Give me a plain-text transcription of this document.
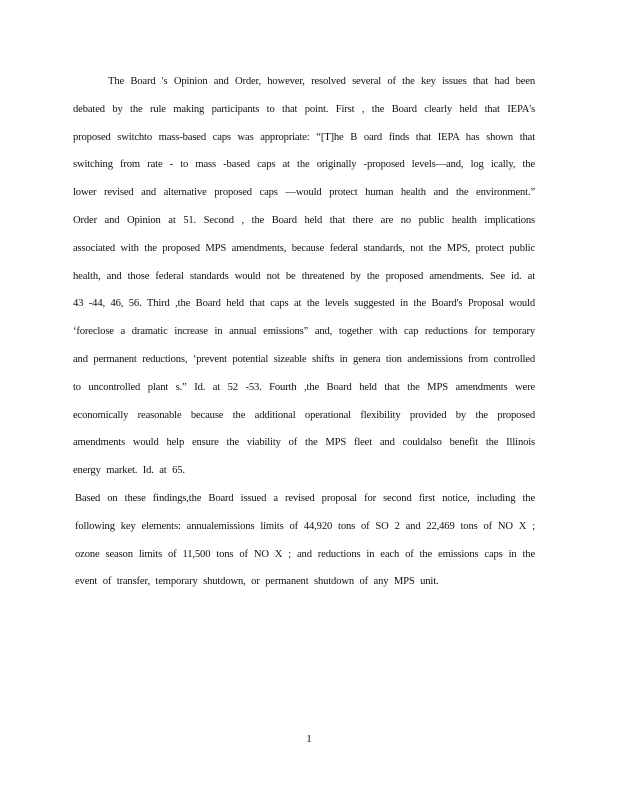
The Board 's Opinion and Order, however, resolved several of the key issues that had been debated by the rule making participants to that point. First , the Board clearly held that IEPA's proposed switchto mass-based caps was appropriate: “[T]he B oard finds that IEPA has shown that switching from rate - to mass -based caps at the originally -proposed levels—and, log ically, the lower revised and alternative proposed caps —would protect human health and the environment.” Order and Opinion at 51. Second , the Board held that there are no public health implications associated with the proposed MPS amendments, because federal standards, not the MPS, protect public health, and those federal standards would not be threatened by the proposed amendments. See id. at 43 -44, 46, 56. Third ,the Board held that caps at the levels suggested in the Board's Proposal would ‘foreclose a dramatic increase in annual emissions” and, together with cap reductions for temporary and permanent reductions, ‘prevent potential sizeable shifts in genera tion andemissions from controlled to uncontrolled plant s.” Id. at 52 -53. Fourth ,the Board held that the MPS amendments were economically reasonable because the additional operational flexibility provided by the proposed amendments would help ensure the viability of the MPS fleet and couldalso benefit the Illinois energy market. Id. at 65.

Based on these findings,the Board issued a revised proposal for second first notice, including the following key elements: annualemissions limits of 44,920 tons of SO 2 and 22,469 tons of NO X ; ozone season limits of 11,500 tons of NO X ; and reductions in each of the emissions caps in the event of transfer, temporary shutdown, or permanent shutdown of any MPS unit.

1
